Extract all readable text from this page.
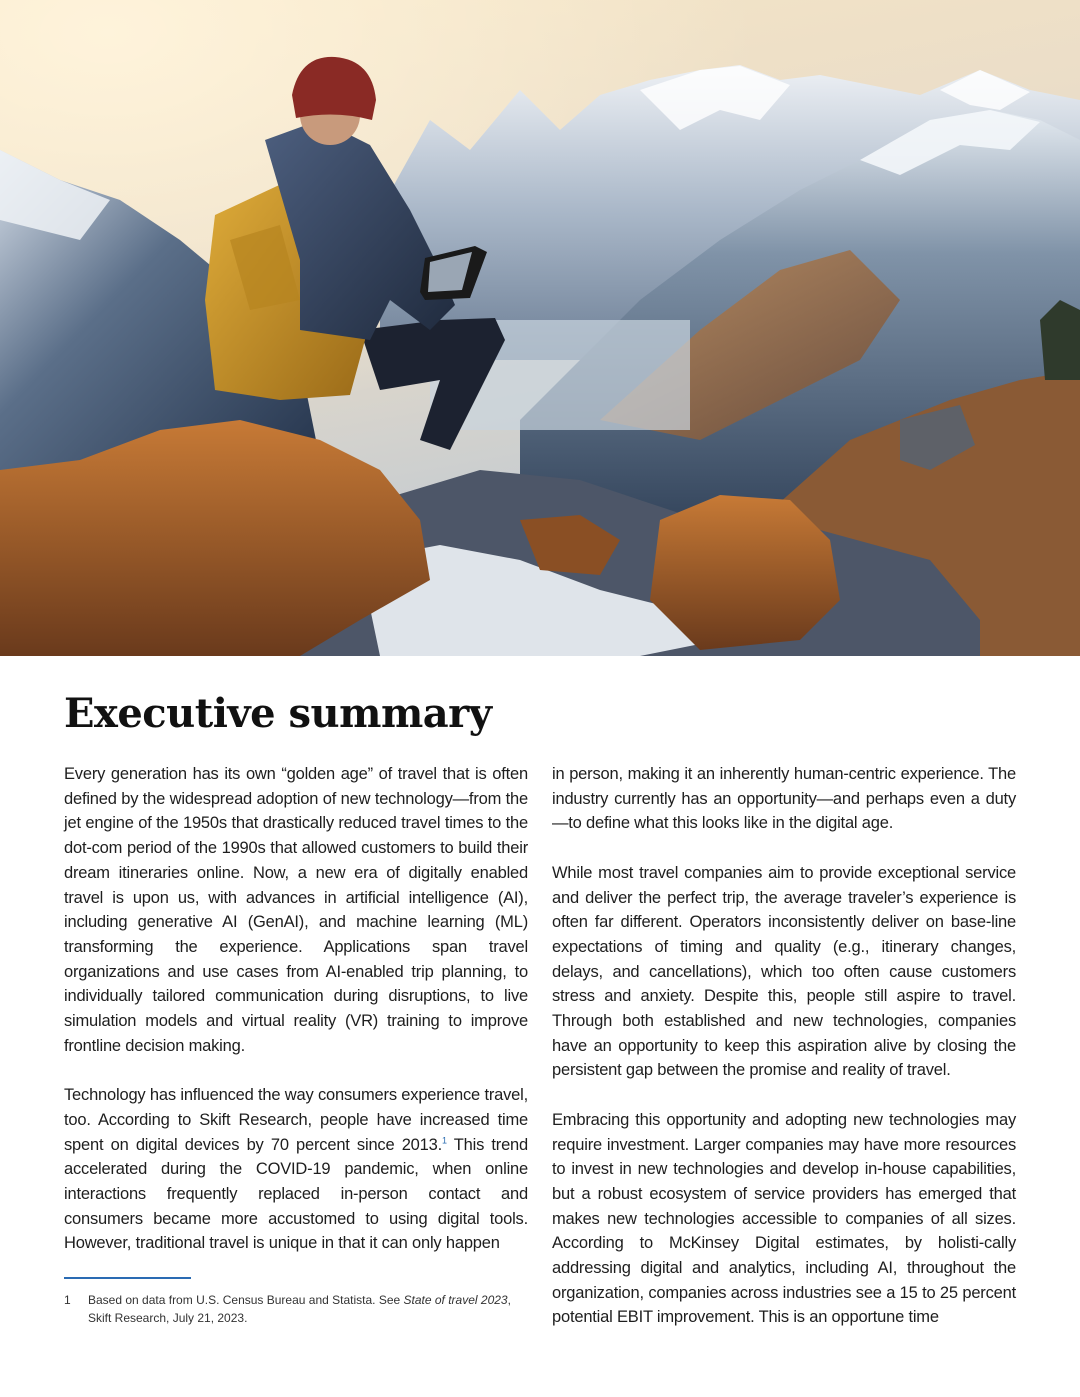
Executive summary

Every generation has its own “golden age” of travel that is often defined by the widespread adoption of new technology—from the jet engine of the 1950s that drastically reduced travel times to the dot-com period of the 1990s that allowed customers to build their dream itineraries online. Now, a new era of digitally enabled travel is upon us, with advances in artificial intelligence (AI), including generative AI (GenAI), and machine learning (ML) transforming the experience. Applications span travel organizations and use cases from AI-enabled trip planning, to individually tailored communication during disruptions, to live simulation models and virtual reality (VR) training to improve frontline decision making.

Technology has influenced the way consumers experience travel, too. According to Skift Research, people have increased time spent on digital devices by 70 percent since 2013.$^1$ This trend accelerated during the COVID-19 pandemic, when online interactions frequently replaced in-person contact and consumers became more accustomed to using digital tools. However, traditional travel is unique in that it can only happen

in person, making it an inherently human-centric experience. The industry currently has an opportunity—and perhaps even a duty—to define what this looks like in the digital age.

While most travel companies aim to provide exceptional service and deliver the perfect trip, the average traveler’s experience is often far different. Operators inconsistently deliver on base-line expectations of timing and quality (e.g., itinerary changes, delays, and cancellations), which too often cause customers stress and anxiety. Despite this, people still aspire to travel. Through both established and new technologies, companies have an opportunity to keep this aspiration alive by closing the persistent gap between the promise and reality of travel.

Embracing this opportunity and adopting new technologies may require investment. Larger companies may have more resources to invest in new technologies and develop in-house capabilities, but a robust ecosystem of service providers has emerged that makes new technologies accessible to companies of all sizes. According to McKinsey Digital estimates, by holisti-cally addressing digital and analytics, including AI, throughout the organization, companies across industries see a 15 to 25 percent potential EBIT improvement. This is an opportune time

1 Based on data from U.S. Census Bureau and Statista. See State of travel 2023, Skift Research, July 21, 2023.
